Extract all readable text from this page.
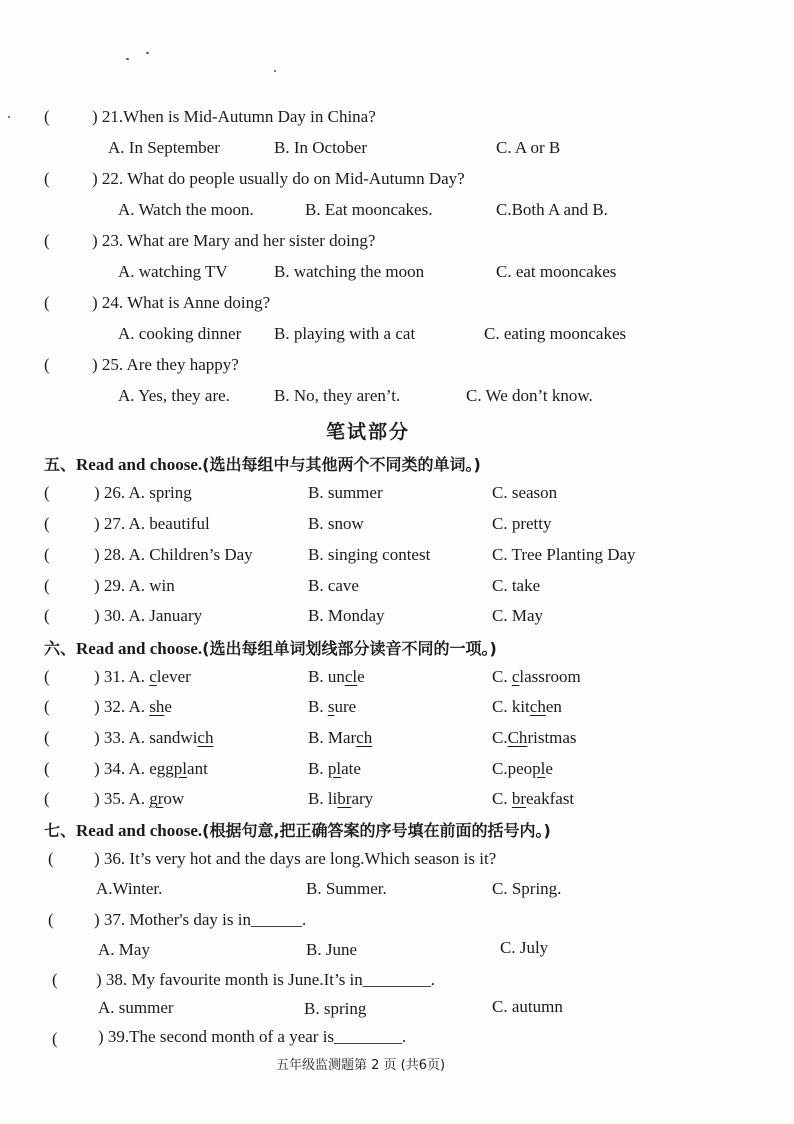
( ) 21.When is Mid-Autumn Day in China?
A. In September	B. In October	C. A or B
( ) 22. What do people usually do on Mid-Autumn Day?
A. Watch the moon.	B. Eat mooncakes.	C.Both A and B.
( ) 23. What are Mary and her sister doing?
A. watching TV	B. watching the moon	C. eat mooncakes
( ) 24. What is Anne doing?
A. cooking dinner B. playing with a cat	C. eating mooncakes
( ) 25. Are they happy?
A. Yes, they are.	B. No, they aren’t.	C. We don’t know.
笔试部分
五、Read and choose.(选出每组中与其他两个不同类的单词。)
(	) 26. A. spring	B. summer	C. season
(	) 27. A. beautiful	B. snow	C. pretty
(	) 28. A. Children’s Day	B. singing contest	C. Tree Planting Day
(	) 29. A. win	B. cave	C. take
(	) 30. A. January	B. Monday	C. May
六、Read and choose.(选出每组单词划线部分读音不同的一项。)
(	) 31. A. clever	B. uncle	C. classroom
(	) 32. A. she	B. sure	C. kitchen
(	) 33. A. sandwich	B. March	C.Christmas
(	) 34. A. eggplant	B. plate	C.people
(	) 35. A. grow	B. library	C. breakfast
七、Read and choose.(根据句意,把正确答案的序号填在前面的括号内。)
( ) 36. It’s very hot and the days are long.Which season is it?
A.Winter.	B. Summer.	C. Spring.
( ) 37. Mother's day is in______.
A. May	B. June	C. July
( ) 38. My favourite month is June.It’s in________.
A. summer	B. spring	C. autumn
( ) 39.The second month of a year is________.
五年级监测题第 2 页 (共6页)
